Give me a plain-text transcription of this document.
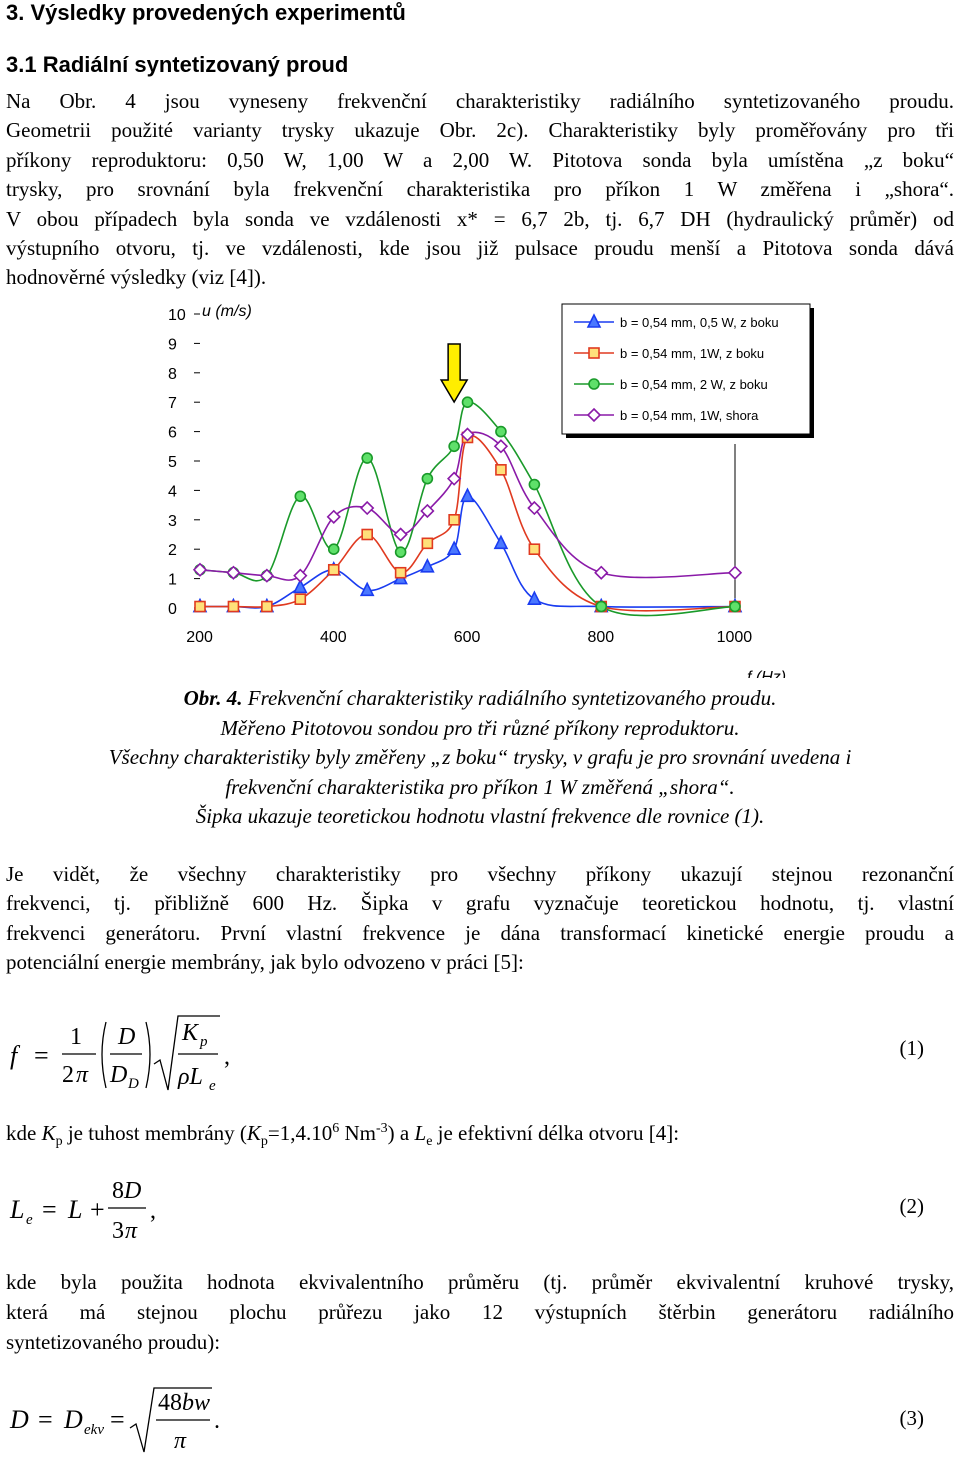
3. Výsledky provedených experimentů
3.1 Radiální syntetizovaný proud
Na Obr. 4 jsou vyneseny frekvenční charakteristiky radiálního syntetizovaného proudu.
Geometrii použité varianty trysky ukazuje Obr. 2c). Charakteristiky byly proměřovány pro tři
příkony reproduktoru: 0,50 W, 1,00 W a 2,00 W. Pitotova sonda byla umístěna „z boku“
trysky, pro srovnání byla frekvenční charakteristika pro příkon 1 W změřena i „shora“.
V obou případech byla sonda ve vzdálenosti x* = 6,7 2b, tj. 6,7 DH (hydraulický průměr) od
výstupního otvoru, tj. ve vzdálenosti, kde jsou již pulsace proudu menší a Pitotova sonda dává
hodnověrné výsledky (viz [4]).
0
1
2
3
4
5
6
7
8
9
10
200	400	600	800	1000
u (m/s)
f (Hz)
b = 0,54 mm, 0,5 W, z boku
b = 0,54 mm, 1W, z boku
b = 0,54 mm, 2 W, z boku
b = 0,54 mm, 1W, shora
Obr. 4. Frekvenční charakteristiky radiálního syntetizovaného proudu.
Měřeno Pitotovou sondou pro tři různé příkony reproduktoru.
Všechny charakteristiky byly změřeny „z boku“ trysky, v grafu je pro srovnání uvedena i
frekvenční charakteristika pro příkon 1 W změřená „shora“.
Šipka ukazuje teoretickou hodnotu vlastní frekvence dle rovnice (1).
Je vidět, že všechny charakteristiky pro všechny příkony ukazují stejnou rezonanční
frekvenci, tj. přibližně 600 Hz. Šipka v grafu vyznačuje teoretickou hodnotu, tj. vlastní
frekvenci generátoru. První vlastní frekvence je dána transformací kinetické energie proudu a
potenciální energie membrány, jak bylo odvozeno v práci [5]:
f =
1
2 π
D
D D
K p
ρL e
,	(1)
kde $K_p$ je tuhost membrány ($K_p=1,4.10^6$ $Nm^{-3}$) a $L_e$ je efektivní délka otvoru [4]:
L e = L +
8 D
3 π
,	(2)
kde byla použita hodnota ekvivalentního průměru (tj. průměr ekvivalentní kruhové trysky,
která má stejnou plochu průřezu jako 12 výstupních štěrbin generátoru radiálního
syntetizovaného proudu):
D = D ekv =
48 bw
π
.	(3)
